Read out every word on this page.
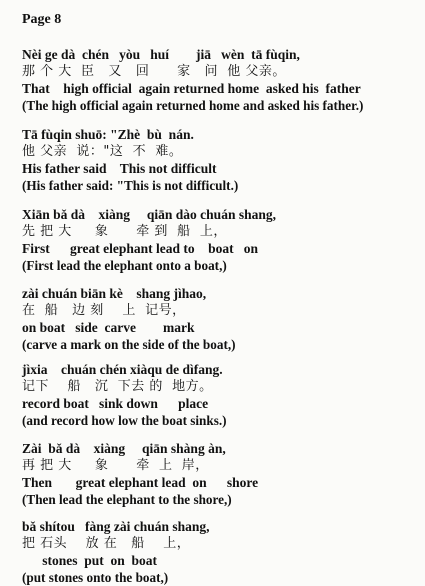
Page 8
Nèi ge dà  chén   yòu   huí        jiā   wèn  tā fùqin,
那 个 大  臣   又   回      家   问  他 父亲。
That    high official  again returned home  asked his  father
(The high official again returned home and asked his father.)
Tā fùqin shuō: "Zhè  bù  nán.
他 父亲  说："这  不  难。
His father said    This not difficult
(His father said: "This is not difficult.)
Xiān bǎ dà    xiàng     qiān dào chuán shang,
先 把 大     象      牵 到  船  上，
First      great elephant lead to    boat   on
(First lead the elephant onto a boat,)
zài chuán biān kè    shang jìhao,
在  船   边 刻    上  记号，
on boat   side  carve        mark
(carve a mark on the side of the boat,)
jìxia    chuán chén xiàqu de dìfang.
记下    船   沉  下去 的  地方。
record boat   sink down      place
(and record how low the boat sinks.)
Zài  bǎ dà    xiàng     qiān shàng àn,
再 把 大     象      牵  上  岸，
Then       great elephant lead  on      shore
(Then lead the elephant to the shore,)
bǎ shítou   fàng zài chuán shang,
把 石头    放 在   船    上，
stones  put  on  boat
(put stones onto the boat,)
